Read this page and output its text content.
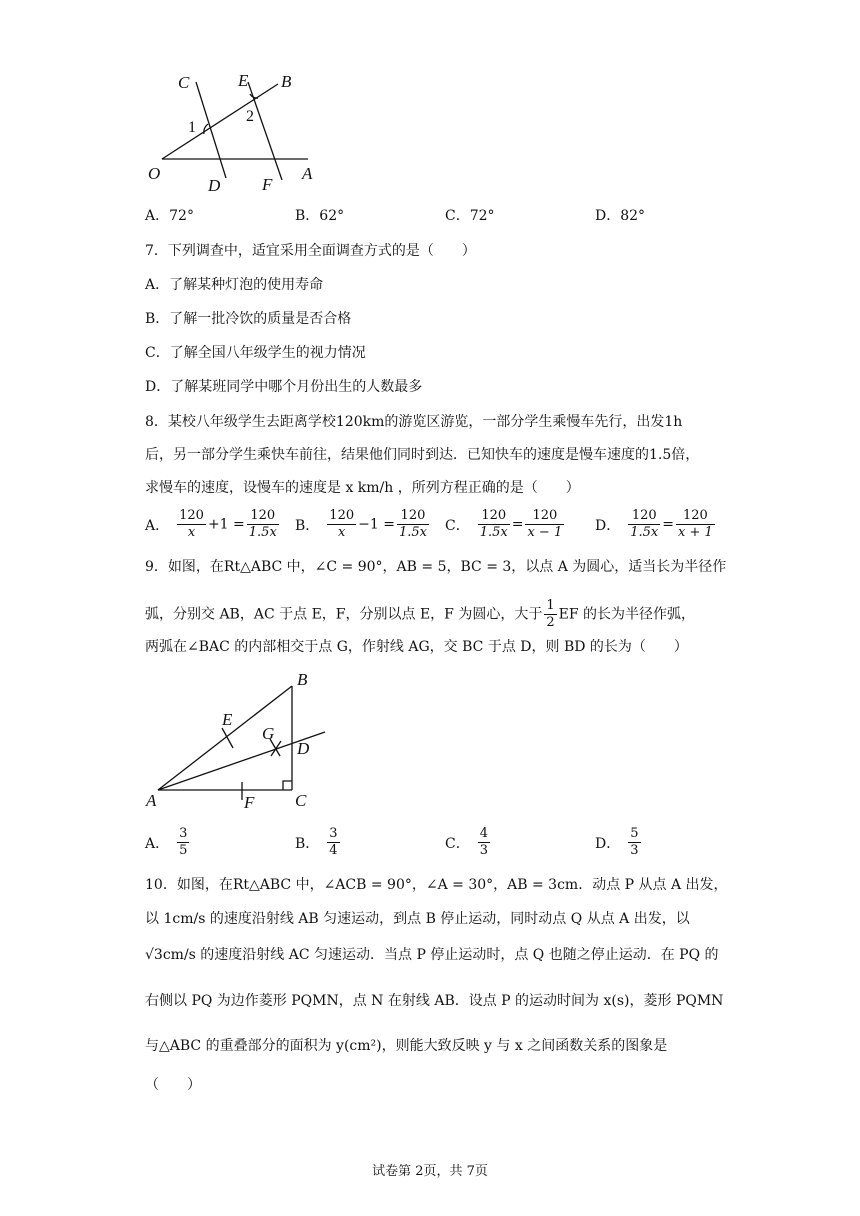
C	E B
O
D F
A
1
2
A．72°	B．62°	C．72°	D．82°
7．下列调查中，适宜采用全面调查方式的是（　　）
A．了解某种灯泡的使用寿命
B．了解一批冷饮的质量是否合格
C．了解全国八年级学生的视力情况
D．了解某班同学中哪个月份出生的人数最多
8．某校八年级学生去距离学校120km的游览区游览，一部分学生乘慢车先行，出发1h
后，另一部分学生乘快车前往，结果他们同时到达．已知快车的速度是慢车速度的1.5倍，
求慢车的速度，设慢车的速度是 x km/h ，所列方程正确的是（　　）
A． $\frac{120}{x} +1 = \frac{120}{1.5x}$ B． $\frac{120}{x} -1 = \frac{120}{1.5x}$ C． $\frac{120}{1.5x} = \frac{120}{x - 1}$ D． $\frac{120}{1.5x} = \frac{120}{x + 1}$
9．如图，在Rt△ABC 中，∠C = 90°，AB = 5，BC = 3，以点 A 为圆心，适当长为半径作
弧，分别交 AB，AC 于点 E，F，分别以点 E，F 为圆心，大于 $\frac{1}{2}$ EF 的长为半径作弧，
两弧在∠BAC 的内部相交于点 G，作射线 AG，交 BC 于点 D，则 BD 的长为（　　）
B
E
G
D
A	F C
A． $\frac{3}{5}$	B． $\frac{3}{4}$	C． $\frac{4}{3}$	D． $\frac{5}{3}$
10．如图，在Rt△ABC 中，∠ACB = 90°，∠A = 30°，AB = 3cm．动点 P 从点 A 出发，
以 1cm/s 的速度沿射线 AB 匀速运动，到点 B 停止运动，同时动点 Q 从点 A 出发，以
√3cm/s 的速度沿射线 AC 匀速运动．当点 P 停止运动时，点 Q 也随之停止运动．在 PQ 的
右侧以 PQ 为边作菱形 PQMN，点 N 在射线 AB．设点 P 的运动时间为 x(s)，菱形 PQMN
与△ABC 的重叠部分的面积为 y(cm²)，则能大致反映 y 与 x 之间函数关系的图象是
（　　）
试卷第 2页，共 7页
